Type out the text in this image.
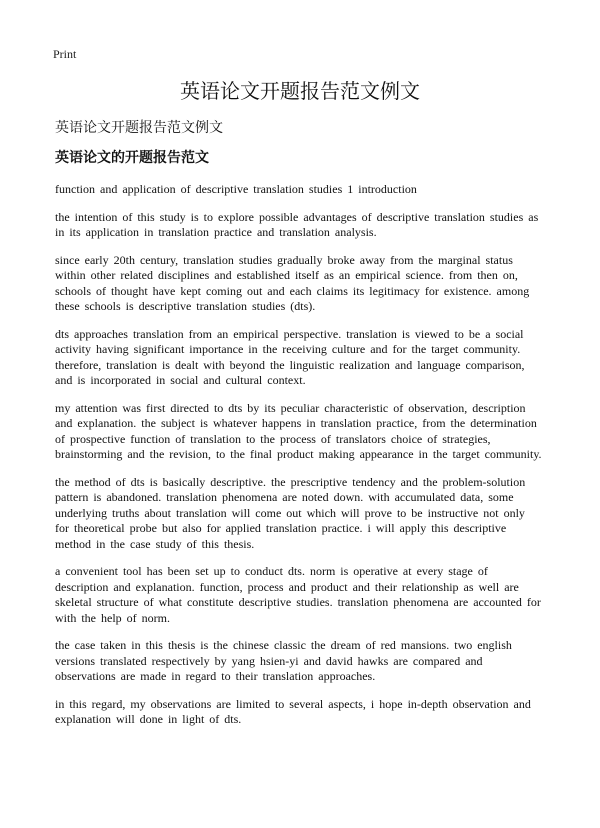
Print
英语论文开题报告范文例文
英语论文开题报告范文例文
英语论文的开题报告范文

function and application of descriptive translation studies 1 introduction

the intention of this study is to explore possible advantages of descriptive translation studies as in its application in translation practice and translation analysis.

since early 20th century, translation studies gradually broke away from the marginal status within other related disciplines and established itself as an empirical science. from then on, schools of thought have kept coming out and each claims its legitimacy for existence. among these schools is descriptive translation studies (dts).

dts approaches translation from an empirical perspective. translation is viewed to be a social activity having significant importance in the receiving culture and for the target community. therefore, translation is dealt with beyond the linguistic realization and language comparison, and is incorporated in social and cultural context.

my attention was first directed to dts by its peculiar characteristic of observation, description and explanation. the subject is whatever happens in translation practice, from the determination of prospective function of translation to the process of translators choice of strategies, brainstorming and the revision, to the final product making appearance in the target community.

the method of dts is basically descriptive. the prescriptive tendency and the problem-solution pattern is abandoned. translation phenomena are noted down. with accumulated data, some underlying truths about translation will come out which will prove to be instructive not only for theoretical probe but also for applied translation practice. i will apply this descriptive method in the case study of this thesis.

a convenient tool has been set up to conduct dts. norm is operative at every stage of description and explanation. function, process and product and their relationship as well are skeletal structure of what constitute descriptive studies. translation phenomena are accounted for with the help of norm.

the case taken in this thesis is the chinese classic the dream of red mansions. two english versions translated respectively by yang hsien-yi and david hawks are compared and observations are made in regard to their translation approaches.

in this regard, my observations are limited to several aspects, i hope in-depth observation and explanation will done in light of dts.
